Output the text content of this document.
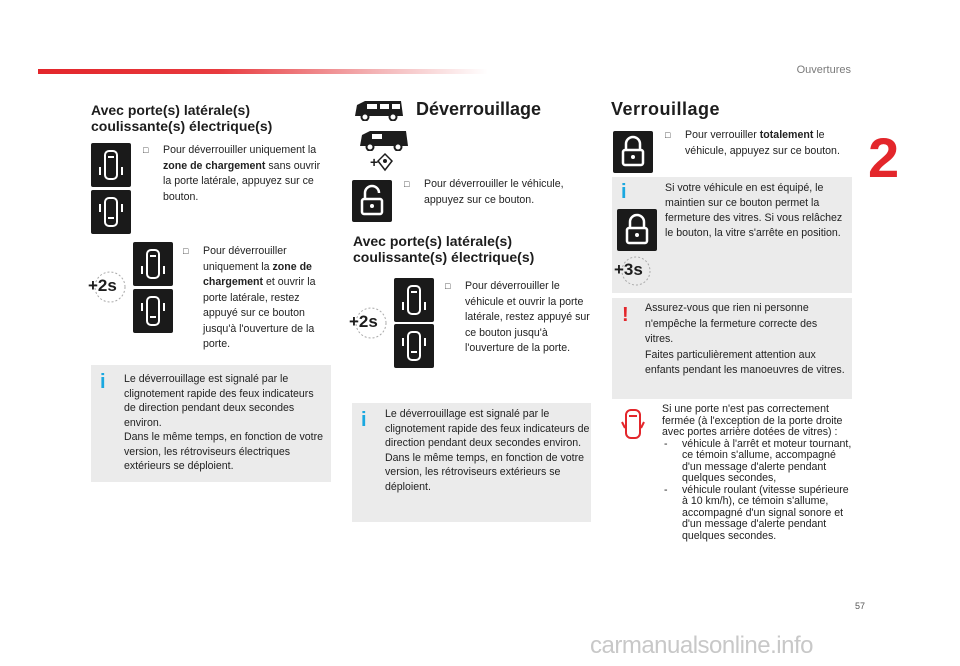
Ouvertures
2
Avec porte(s) latérale(s) coulissante(s) électrique(s)
□ Pour déverrouiller uniquement la zone de chargement sans ouvrir la porte latérale, appuyez sur ce bouton.
+2s
□ Pour déverrouiller uniquement la zone de chargement et ouvrir la porte latérale, restez appuyé sur ce bouton jusqu'à l'ouverture de la porte.
i Le déverrouillage est signalé par le clignotement rapide des feux indicateurs de direction pendant deux secondes environ.
Dans le même temps, en fonction de votre version, les rétroviseurs électriques extérieurs se déploient.
Déverrouillage
+
□ Pour déverrouiller le véhicule, appuyez sur ce bouton.
Avec porte(s) latérale(s) coulissante(s) électrique(s)
+2s
□ Pour déverrouiller le véhicule et ouvrir la porte latérale, restez appuyé sur ce bouton jusqu'à l'ouverture de la porte.
i Le déverrouillage est signalé par le clignotement rapide des feux indicateurs de direction pendant deux secondes environ.
Dans le même temps, en fonction de votre version, les rétroviseurs extérieurs se déploient.
Verrouillage
□ Pour verrouiller totalement le véhicule, appuyez sur ce bouton.
i	Si votre véhicule en est équipé, le maintien sur ce bouton permet la fermeture des vitres. Si vous relâchez le bouton, la vitre s'arrête en position.
+3s
! Assurez-vous que rien ni personne n'empêche la fermeture correcte des vitres.
Faites particulièrement attention aux enfants pendant les manoeuvres de vitres.
Si une porte n'est pas correctement fermée (à l'exception de la porte droite avec portes arrière dotées de vitres) :
- véhicule à l'arrêt et moteur tournant, ce témoin s'allume, accompagné d'un message d'alerte pendant quelques secondes,
- véhicule roulant (vitesse supérieure à 10 km/h), ce témoin s'allume, accompagné d'un signal sonore et d'un message d'alerte pendant quelques secondes.
57
carmanualsonline.info
